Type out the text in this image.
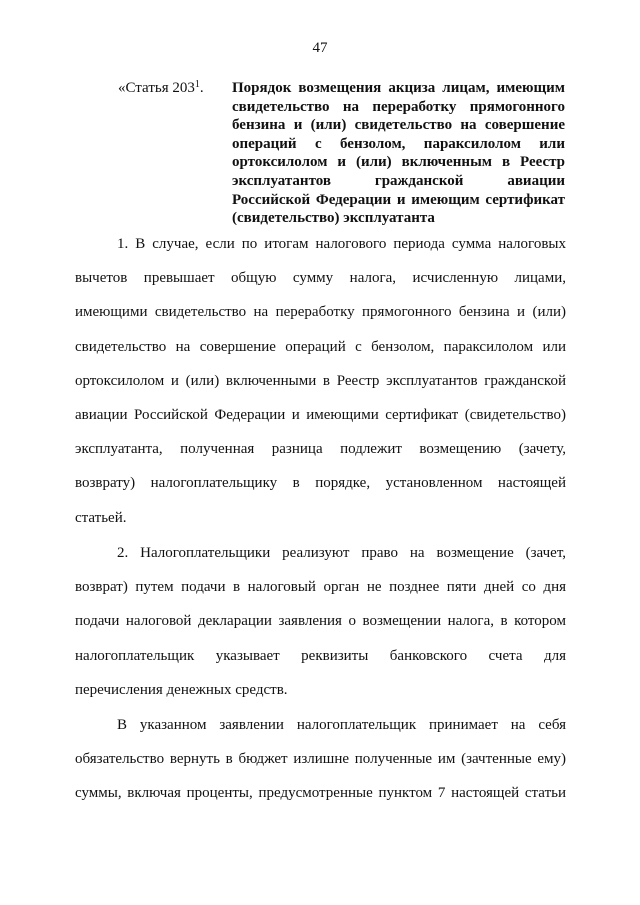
47
«Статья $203^1$. Порядок возмещения акциза лицам, имеющим
свидетельство на переработку прямогонного
бензина и (или) свидетельство на совершение
операций с бензолом, параксилолом или
ортоксилолом и (или) включенным в Реестр
эксплуатантов гражданской авиации
Российской Федерации и имеющим сертификат
(свидетельство) эксплуатанта
1. В случае, если по итогам налогового периода сумма налоговых
вычетов превышает общую сумму налога, исчисленную лицами,
имеющими свидетельство на переработку прямогонного бензина и (или)
свидетельство на совершение операций с бензолом, параксилолом или
ортоксилолом и (или) включенными в Реестр эксплуатантов гражданской
авиации Российской Федерации и имеющими сертификат (свидетельство)
эксплуатанта, полученная разница подлежит возмещению (зачету,
возврату) налогоплательщику в порядке, установленном настоящей
статьей.
2. Налогоплательщики реализуют право на возмещение (зачет,
возврат) путем подачи в налоговый орган не позднее пяти дней со дня
подачи налоговой декларации заявления о возмещении налога, в котором
налогоплательщик указывает реквизиты банковского счета для
перечисления денежных средств.
В указанном заявлении налогоплательщик принимает на себя
обязательство вернуть в бюджет излишне полученные им (зачтенные ему)
суммы, включая проценты, предусмотренные пунктом 7 настоящей статьи
